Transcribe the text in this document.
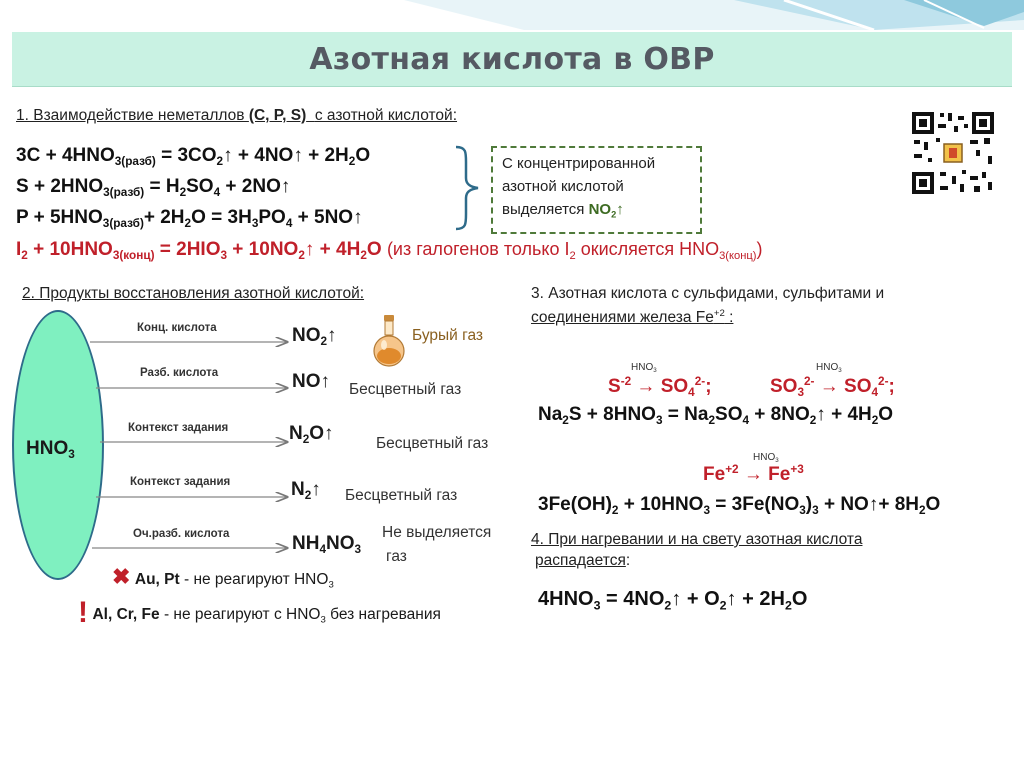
Азотная кислота в ОВР
1. Взаимодействие неметаллов (C, P, S) с азотной кислотой:
$3C + 4HNO_{3(разб)}$ = $3CO_2↑$ + 4NO↑ + $2H_2O$
$S + 2HNO_{3(разб)} = H_2SO_4$ + 2NO↑
$P + 5HNO_{3(разб)}+ 2H_2O = 3H_3PO_4$ + 5NO↑
$I_2 + 10HNO_{3(конц)} = 2HIO_3$ + $10NO_2↑ + 4H_2O$ (из галогенов только $I_2$ окисляется $HNO_{3(конц)}$)
С концентрированной
азотной кислотой
выделяется $NO_2↑$
2. Продукты восстановления азотной кислотой:
$HNO_3$
Конц. кислота
Разб. кислота
Контекст задания
Контекст задания
Оч.разб. кислота
$NO_2↑$
NO↑
$N_2O↑$
$N_2↑$
$NH_4NO_3$
Бурый газ
Бесцветный газ
Бесцветный газ
Бесцветный газ
Не выделяется
газ
✖ Au, Pt - не реагируют $HNO_3$
! Al, Cr, Fe - не реагируют с $HNO_3$ без нагревания
3. Азотная кислота с сульфидами, сульфитами и
соединениями железа $Fe^{+2}$ :
$HNO_3$	$HNO_3$
$S^{-2} \to SO_4^{2-}$;	$SO_3^{2-} \to SO_4^{2-}$;
$Na_2S + 8HNO_3 = Na_2SO_4$ + $8NO_2↑ + 4H_2O$
$HNO_3$
$Fe^{+2} \to Fe^{+3}$
$3Fe(OH)_2 + 10HNO_3 = 3Fe(NO_3)_3$ + NO↑+ $8H_2O$
4. При нагревании и на свету азотная кислота
распадается:
$4HNO_3$ = $4NO_2↑$ + $O_2↑ + 2H_2O$
